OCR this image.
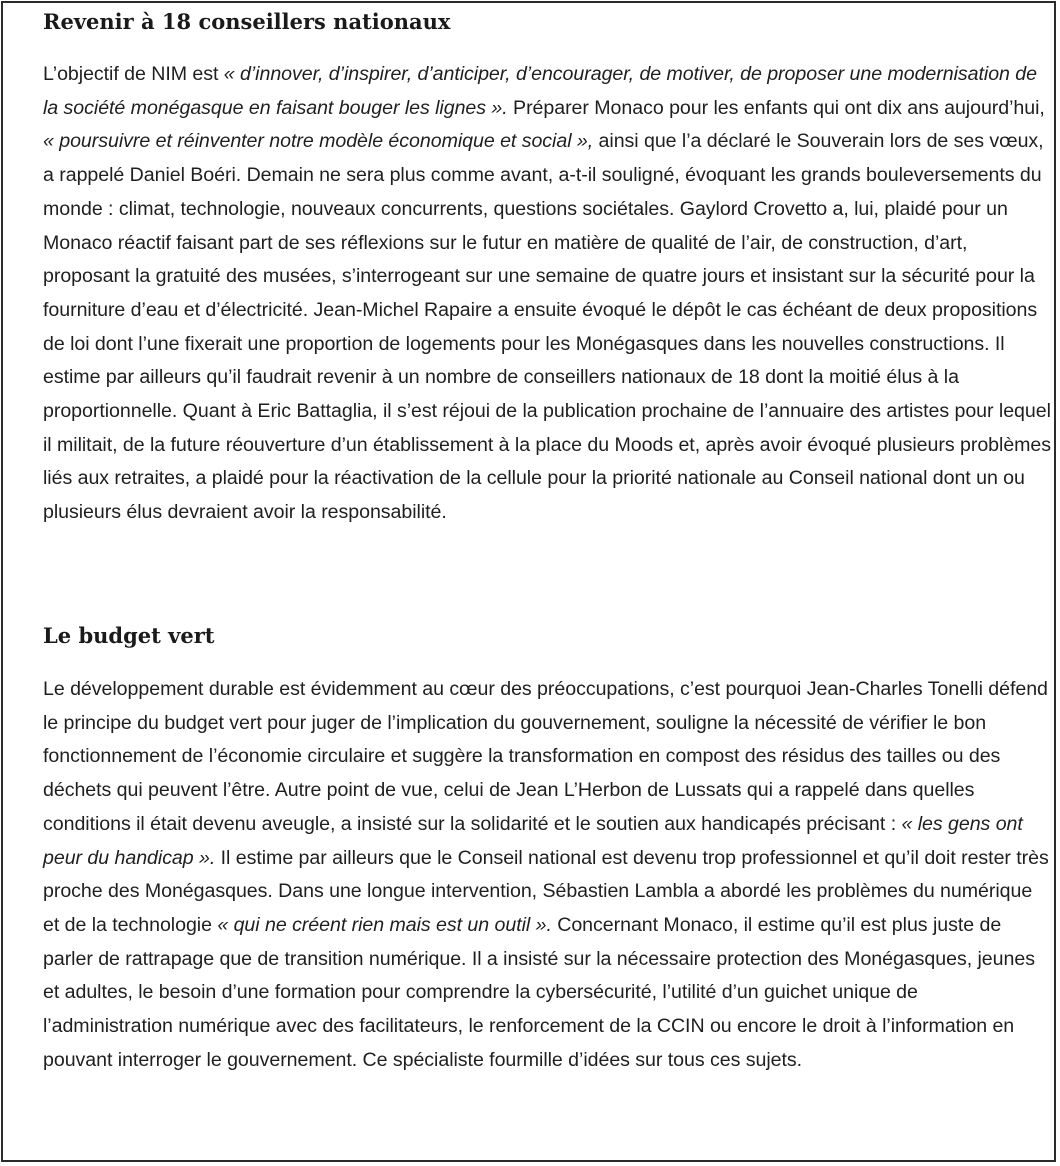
Revenir à 18 conseillers nationaux

L’objectif de NIM est « d’innover, d’inspirer, d’anticiper, d’encourager, de motiver, de proposer une modernisation de la société monégasque en faisant bouger les lignes ». Préparer Monaco pour les enfants qui ont dix ans aujourd’hui, « poursuivre et réinventer notre modèle économique et social », ainsi que l’a déclaré le Souverain lors de ses vœux, a rappelé Daniel Boéri. Demain ne sera plus comme avant, a-t-il souligné, évoquant les grands bouleversements du monde : climat, technologie, nouveaux concurrents, questions sociétales. Gaylord Crovetto a, lui, plaidé pour un Monaco réactif faisant part de ses réflexions sur le futur en matière de qualité de l’air, de construction, d’art, proposant la gratuité des musées, s’interrogeant sur une semaine de quatre jours et insistant sur la sécurité pour la fourniture d’eau et d’électricité. Jean-Michel Rapaire a ensuite évoqué le dépôt le cas échéant de deux propositions de loi dont l’une fixerait une proportion de logements pour les Monégasques dans les nouvelles constructions. Il estime par ailleurs qu’il faudrait revenir à un nombre de conseillers nationaux de 18 dont la moitié élus à la proportionnelle. Quant à Eric Battaglia, il s’est réjoui de la publication prochaine de l’annuaire des artistes pour lequel il militait, de la future réouverture d’un établissement à la place du Moods et, après avoir évoqué plusieurs problèmes liés aux retraites, a plaidé pour la réactivation de la cellule pour la priorité nationale au Conseil national dont un ou plusieurs élus devraient avoir la responsabilité.

Le budget vert

Le développement durable est évidemment au cœur des préoccupations, c’est pourquoi Jean-Charles Tonelli défend le principe du budget vert pour juger de l’implication du gouvernement, souligne la nécessité de vérifier le bon fonctionnement de l’économie circulaire et suggère la transformation en compost des résidus des tailles ou des déchets qui peuvent l’être. Autre point de vue, celui de Jean L’Herbon de Lussats qui a rappelé dans quelles conditions il était devenu aveugle, a insisté sur la solidarité et le soutien aux handicapés précisant : « les gens ont peur du handicap ». Il estime par ailleurs que le Conseil national est devenu trop professionnel et qu’il doit rester très proche des Monégasques. Dans une longue intervention, Sébastien Lambla a abordé les problèmes du numérique et de la technologie « qui ne créent rien mais est un outil ». Concernant Monaco, il estime qu’il est plus juste de parler de rattrapage que de transition numérique. Il a insisté sur la nécessaire protection des Monégasques, jeunes et adultes, le besoin d’une formation pour comprendre la cybersécurité, l’utilité d’un guichet unique de l’administration numérique avec des facilitateurs, le renforcement de la CCIN ou encore le droit à l’information en pouvant interroger le gouvernement. Ce spécialiste fourmille d’idées sur tous ces sujets.
